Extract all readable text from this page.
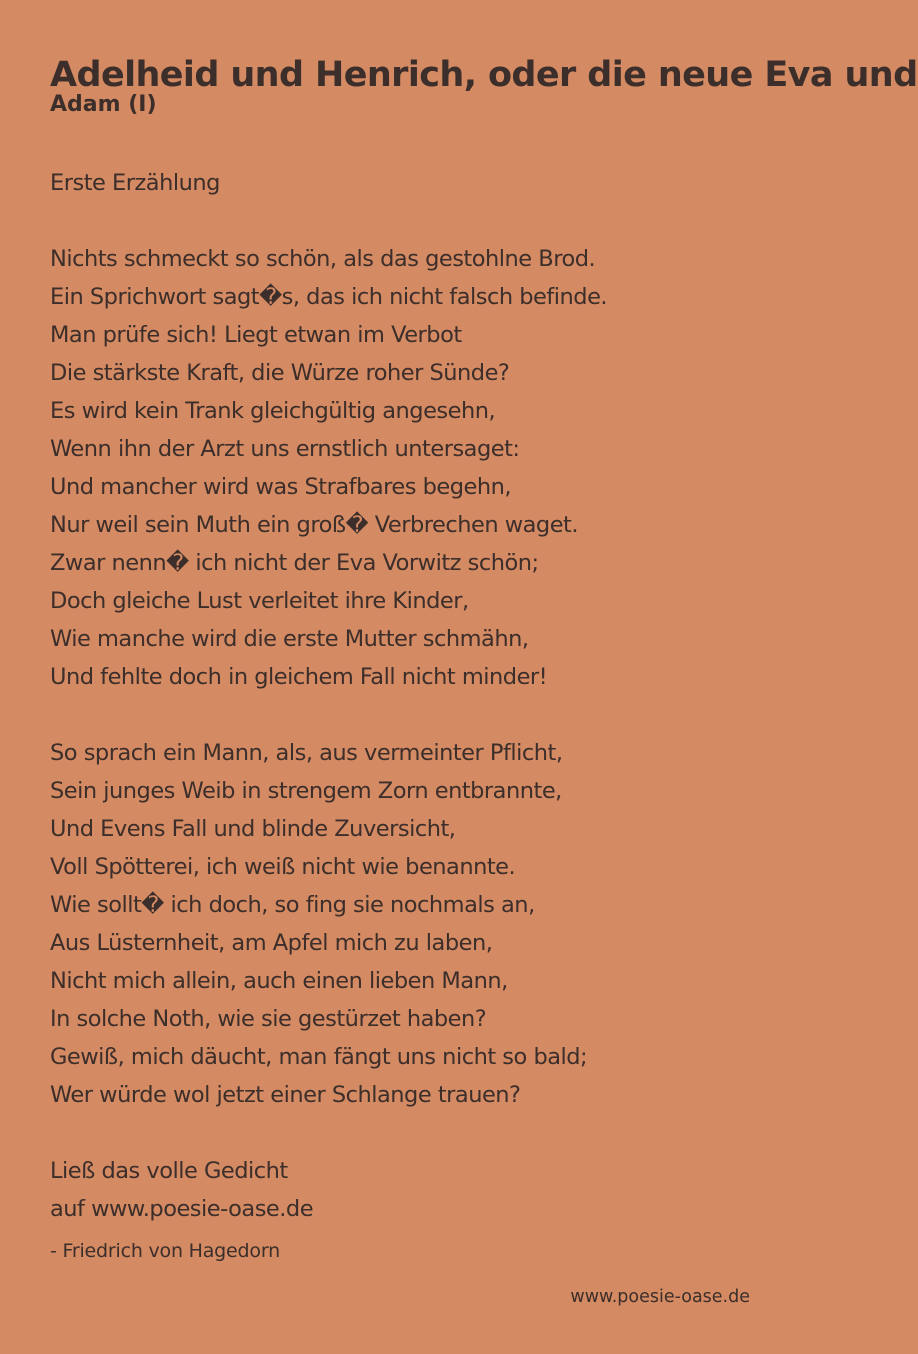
Adelheid und Henrich, oder die neue Eva und
Adam (I)
Erste Erzählung
Nichts schmeckt so schön, als das gestohlne Brod.
Ein Sprichwort sagt�s, das ich nicht falsch befinde.
Man prüfe sich! Liegt etwan im Verbot
Die stärkste Kraft, die Würze roher Sünde?
Es wird kein Trank gleichgültig angesehn,
Wenn ihn der Arzt uns ernstlich untersaget:
Und mancher wird was Strafbares begehn,
Nur weil sein Muth ein groß� Verbrechen waget.
Zwar nenn� ich nicht der Eva Vorwitz schön;
Doch gleiche Lust verleitet ihre Kinder,
Wie manche wird die erste Mutter schmähn,
Und fehlte doch in gleichem Fall nicht minder!
So sprach ein Mann, als, aus vermeinter Pflicht,
Sein junges Weib in strengem Zorn entbrannte,
Und Evens Fall und blinde Zuversicht,
Voll Spötterei, ich weiß nicht wie benannte.
Wie sollt� ich doch, so fing sie nochmals an,
Aus Lüsternheit, am Apfel mich zu laben,
Nicht mich allein, auch einen lieben Mann,
In solche Noth, wie sie gestürzet haben?
Gewiß, mich däucht, man fängt uns nicht so bald;
Wer würde wol jetzt einer Schlange trauen?
Ließ das volle Gedicht
auf www.poesie-oase.de
- Friedrich von Hagedorn
www.poesie-oase.de
